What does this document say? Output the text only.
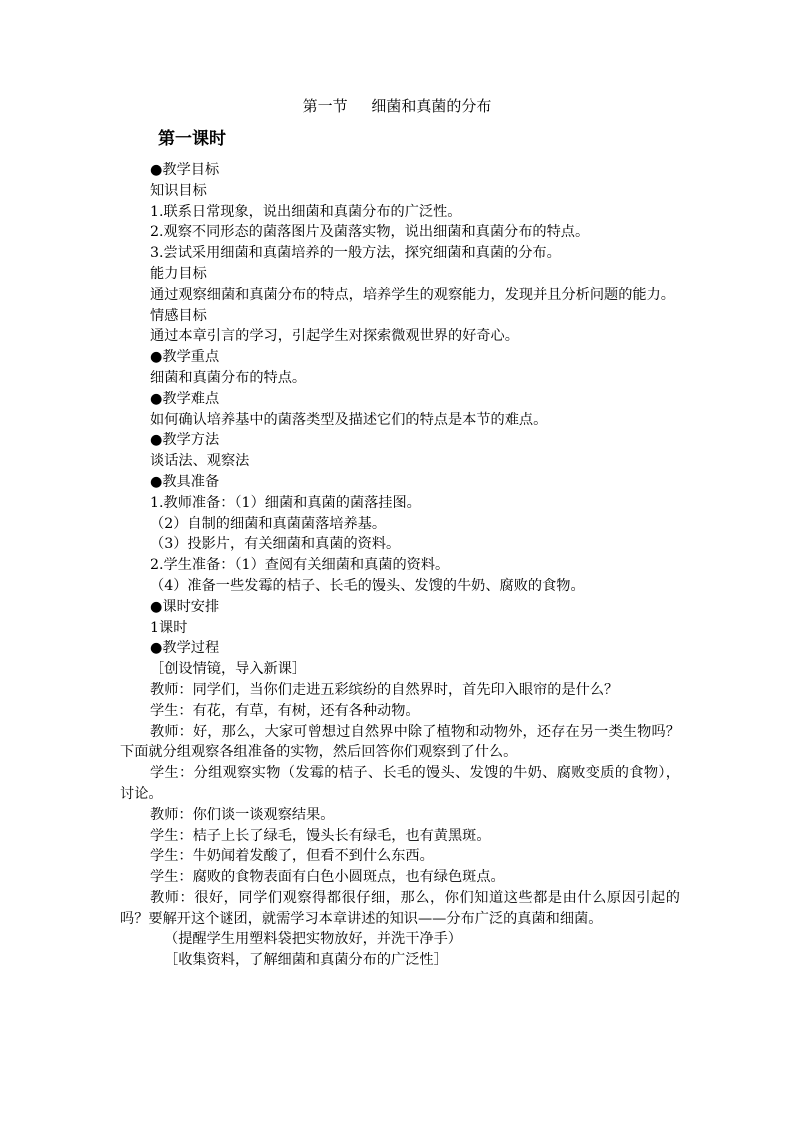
第一节     细菌和真菌的分布
第一课时

●教学目标

知识目标

1.联系日常现象，说出细菌和真菌分布的广泛性。

2.观察不同形态的菌落图片及菌落实物，说出细菌和真菌分布的特点。

3.尝试采用细菌和真菌培养的一般方法，探究细菌和真菌的分布。

能力目标

通过观察细菌和真菌分布的特点，培养学生的观察能力，发现并且分析问题的能力。

情感目标

通过本章引言的学习，引起学生对探索微观世界的好奇心。

●教学重点

细菌和真菌分布的特点。

●教学难点

如何确认培养基中的菌落类型及描述它们的特点是本节的难点。

●教学方法

谈话法、观察法

●教具准备

1.教师准备：（1）细菌和真菌的菌落挂图。

（2）自制的细菌和真菌菌落培养基。

（3）投影片，有关细菌和真菌的资料。

2.学生准备：（1）查阅有关细菌和真菌的资料。

（4）准备一些发霉的桔子、长毛的馒头、发馊的牛奶、腐败的食物。

●课时安排

1课时

●教学过程

［创设情镜，导入新课］

教师：同学们，当你们走进五彩缤纷的自然界时，首先印入眼帘的是什么？

学生：有花，有草，有树，还有各种动物。

教师：好，那么，大家可曾想过自然界中除了植物和动物外，还存在另一类生物吗？下面就分组观察各组准备的实物，然后回答你们观察到了什么。

学生：分组观察实物（发霉的桔子、长毛的馒头、发馊的牛奶、腐败变质的食物），讨论。

教师：你们谈一谈观察结果。

学生：桔子上长了绿毛，馒头长有绿毛，也有黄黑斑。

学生：牛奶闻着发酸了，但看不到什么东西。

学生：腐败的食物表面有白色小圆斑点，也有绿色斑点。

教师：很好，同学们观察得都很仔细，那么，你们知道这些都是由什么原因引起的吗？要解开这个谜团，就需学习本章讲述的知识——分布广泛的真菌和细菌。

（提醒学生用塑料袋把实物放好，并洗干净手）

［收集资料，了解细菌和真菌分布的广泛性］
